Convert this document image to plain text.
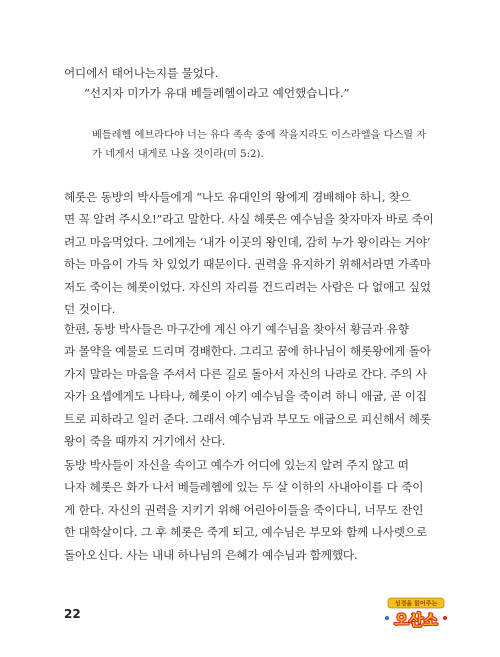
어디에서 태어나는지를 물었다.

“선지자 미가가 유대 베들레헴이라고 예언했습니다.”

베들레헴 에브라다야 너는 유다 족속 중에 작을지라도 이스라엘을 다스릴 자
가 네게서 내게로 나올 것이라(미 5:2).
헤롯은 동방의 박사들에게 “나도 유대인의 왕에게 경배해야 하니, 찾으
면 꼭 알려 주시오!”라고 말한다. 사실 헤롯은 예수님을 찾자마자 바로 죽이
려고 마음먹었다. 그에게는 ‘내가 이곳의 왕인데, 감히 누가 왕이라는 거야’
하는 마음이 가득 차 있었기 때문이다. 권력을 유지하기 위해서라면 가족마
저도 죽이는 헤롯이었다. 자신의 자리를 건드리려는 사람은 다 없애고 싶었
던 것이다.
한편, 동방 박사들은 마구간에 계신 아기 예수님을 찾아서 황금과 유향
과 몰약을 예물로 드리며 경배한다. 그리고 꿈에 하나님이 해롯왕에게 돌아
가지 말라는 마음을 주셔서 다른 길로 돌아서 자신의 나라로 간다. 주의 사
자가 요셉에게도 나타나, 헤롯이 아기 예수님을 죽이려 하니 애굽, 곧 이집
트로 피하라고 일러 준다. 그래서 예수님과 부모도 애굽으로 피신해서 헤롯
왕이 죽을 때까지 거기에서 산다.
동방 박사들이 자신을 속이고 예수가 어디에 있는지 알려 주지 않고 떠
나자 헤롯은 화가 나서 베들레헴에 있는 두 살 이하의 사내아이를 다 죽이
게 한다. 자신의 권력을 지키기 위해 어린아이들을 죽이다니, 너무도 잔인
한 대학살이다. 그 후 헤롯은 죽게 되고, 예수님은 부모와 함께 나사렛으로
돌아오신다. 사는 내내 하나님의 은혜가 예수님과 함께했다.
22
성경을 읽어주는
오산소
